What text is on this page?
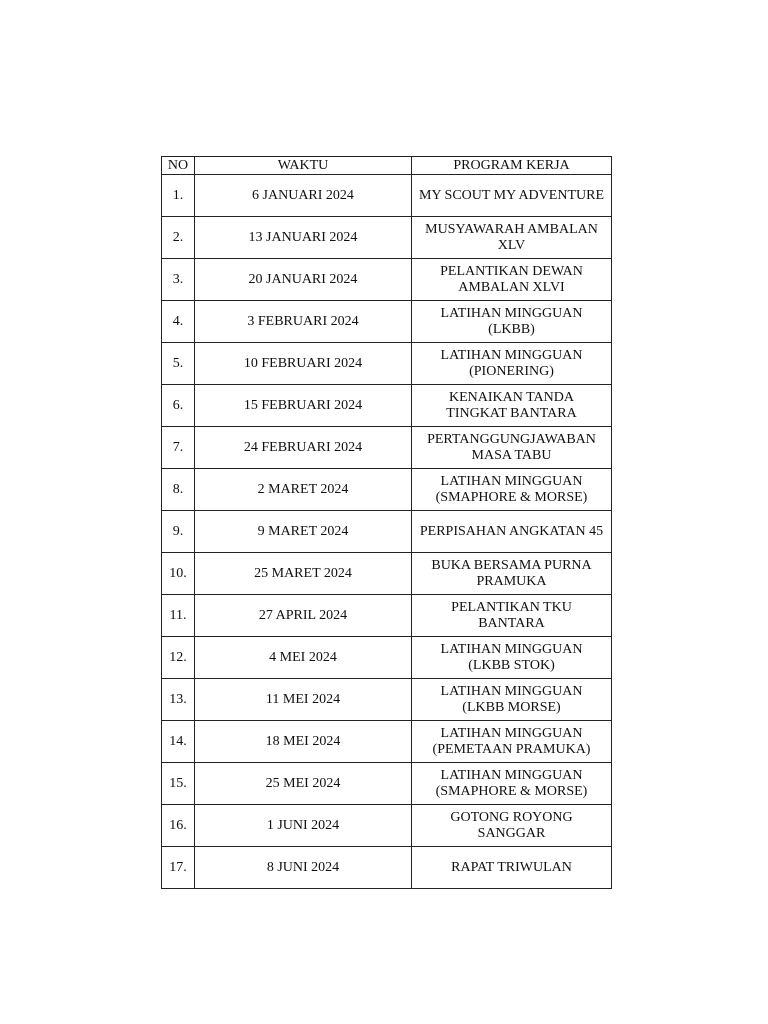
NO	WAKTU	PROGRAM KERJA
1.	6 JANUARI 2024	MY SCOUT MY ADVENTURE
2.	13 JANUARI 2024	MUSYAWARAH AMBALAN
XLV
3.	20 JANUARI 2024	PELANTIKAN DEWAN
AMBALAN XLVI
4.	3 FEBRUARI 2024	LATIHAN MINGGUAN
(LKBB)
5.	10 FEBRUARI 2024	LATIHAN MINGGUAN
(PIONERING)
6.	15 FEBRUARI 2024	KENAIKAN TANDA
TINGKAT BANTARA
7.	24 FEBRUARI 2024	PERTANGGUNGJAWABAN
MASA TABU
8.	2 MARET 2024	LATIHAN MINGGUAN
(SMAPHORE & MORSE)
9.	9 MARET 2024	PERPISAHAN ANGKATAN 45
10.	25 MARET 2024	BUKA BERSAMA PURNA
PRAMUKA
11.	27 APRIL 2024	PELANTIKAN TKU
BANTARA
12.	4 MEI 2024	LATIHAN MINGGUAN
(LKBB STOK)
13.	11 MEI 2024	LATIHAN MINGGUAN
(LKBB MORSE)
14.	18 MEI 2024	LATIHAN MINGGUAN
(PEMETAAN PRAMUKA)
15.	25 MEI 2024	LATIHAN MINGGUAN
(SMAPHORE & MORSE)
16.	1 JUNI 2024	GOTONG ROYONG
SANGGAR
17.	8 JUNI 2024	RAPAT TRIWULAN
